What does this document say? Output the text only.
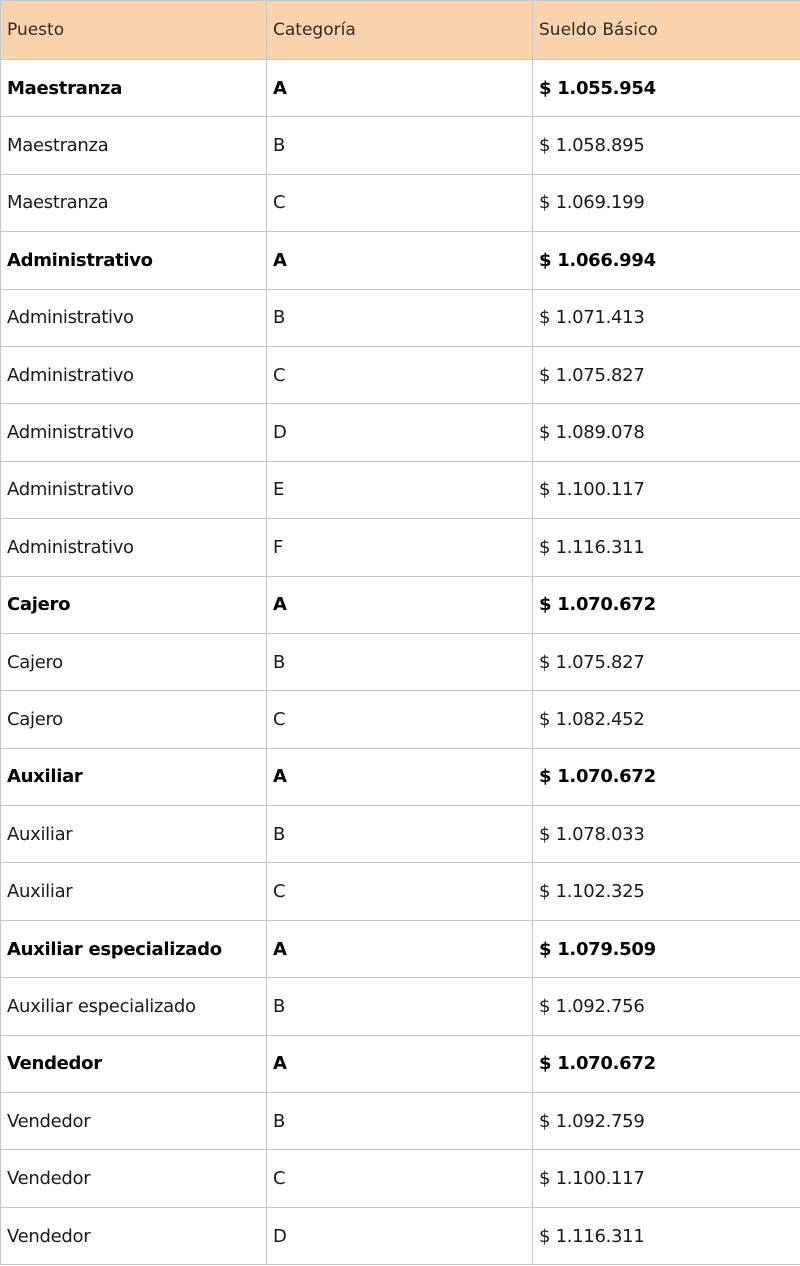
Puesto	Categoría	Sueldo Básico
Maestranza	A	$ 1.055.954
Maestranza	B	$ 1.058.895
Maestranza	C	$ 1.069.199
Administrativo	A	$ 1.066.994
Administrativo	B	$ 1.071.413
Administrativo	C	$ 1.075.827
Administrativo	D	$ 1.089.078
Administrativo	E	$ 1.100.117
Administrativo	F	$ 1.116.311
Cajero	A	$ 1.070.672
Cajero	B	$ 1.075.827
Cajero	C	$ 1.082.452
Auxiliar	A	$ 1.070.672
Auxiliar	B	$ 1.078.033
Auxiliar	C	$ 1.102.325
Auxiliar especializado	A	$ 1.079.509
Auxiliar especializado	B	$ 1.092.756
Vendedor	A	$ 1.070.672
Vendedor	B	$ 1.092.759
Vendedor	C	$ 1.100.117
Vendedor	D	$ 1.116.311
